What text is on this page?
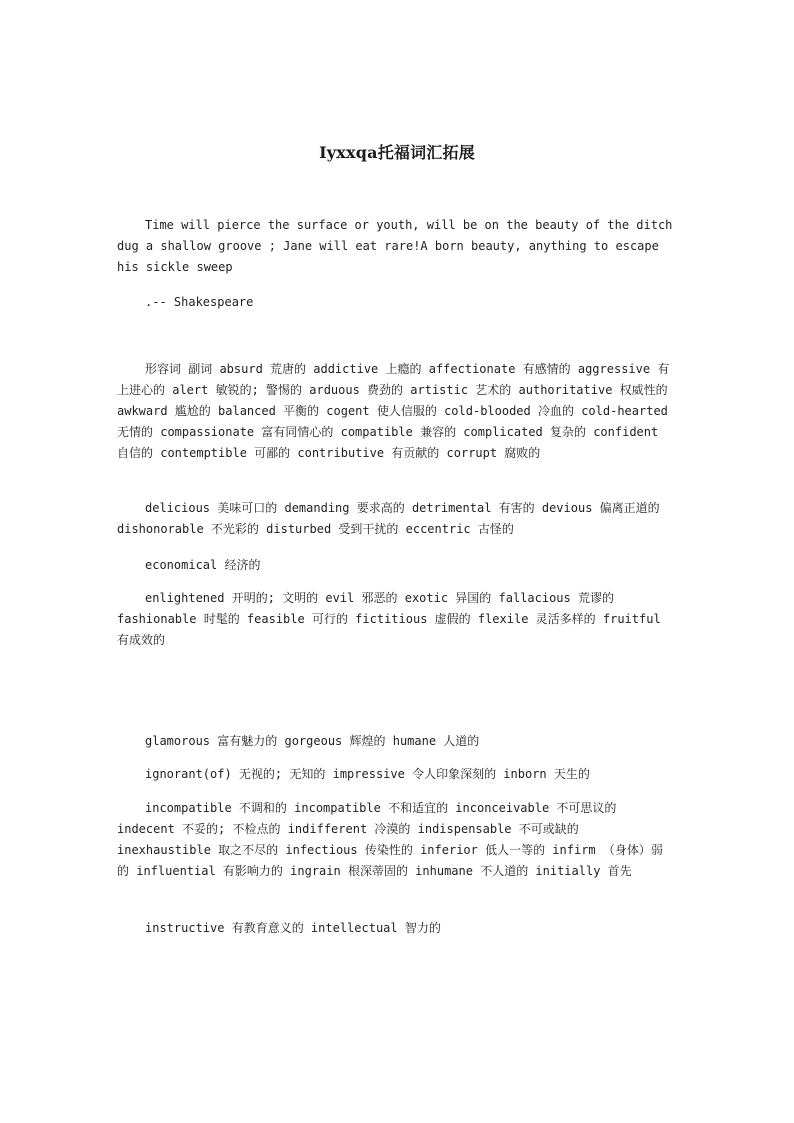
Iyxxqa托福词汇拓展

Time will pierce the surface or youth, will be on the beauty of the ditch dug a shallow groove ; Jane will eat rare!A born beauty, anything to escape his sickle sweep

.-- Shakespeare

形容词 副词 absurd 荒唐的 addictive 上瘾的 affectionate 有感情的 aggressive 有上进心的 alert 敏锐的; 警惕的 arduous 费劲的 artistic 艺术的 authoritative 权威性的 awkward 尴尬的 balanced 平衡的 cogent 使人信服的 cold-blooded 冷血的 cold-hearted 无情的 compassionate 富有同情心的 compatible 兼容的 complicated 复杂的 confident 自信的 contemptible 可鄙的 contributive 有贡献的 corrupt 腐败的

delicious 美味可口的 demanding 要求高的 detrimental 有害的 devious 偏离正道的 dishonorable 不光彩的 disturbed 受到干扰的 eccentric 古怪的

economical 经济的

enlightened 开明的; 文明的 evil 邪恶的 exotic 异国的 fallacious 荒谬的 fashionable 时髦的 feasible 可行的 fictitious 虚假的 flexile 灵活多样的 fruitful 有成效的

glamorous 富有魅力的 gorgeous 辉煌的 humane 人道的

ignorant(of) 无视的; 无知的 impressive 令人印象深刻的 inborn 天生的

incompatible 不调和的 incompatible 不和适宜的 inconceivable 不可思议的 indecent 不妥的; 不检点的 indifferent 冷漠的 indispensable 不可或缺的 inexhaustible 取之不尽的 infectious 传染性的 inferior 低人一等的 infirm （身体）弱的 influential 有影响力的 ingrain 根深蒂固的 inhumane 不人道的 initially 首先

instructive 有教育意义的 intellectual 智力的
